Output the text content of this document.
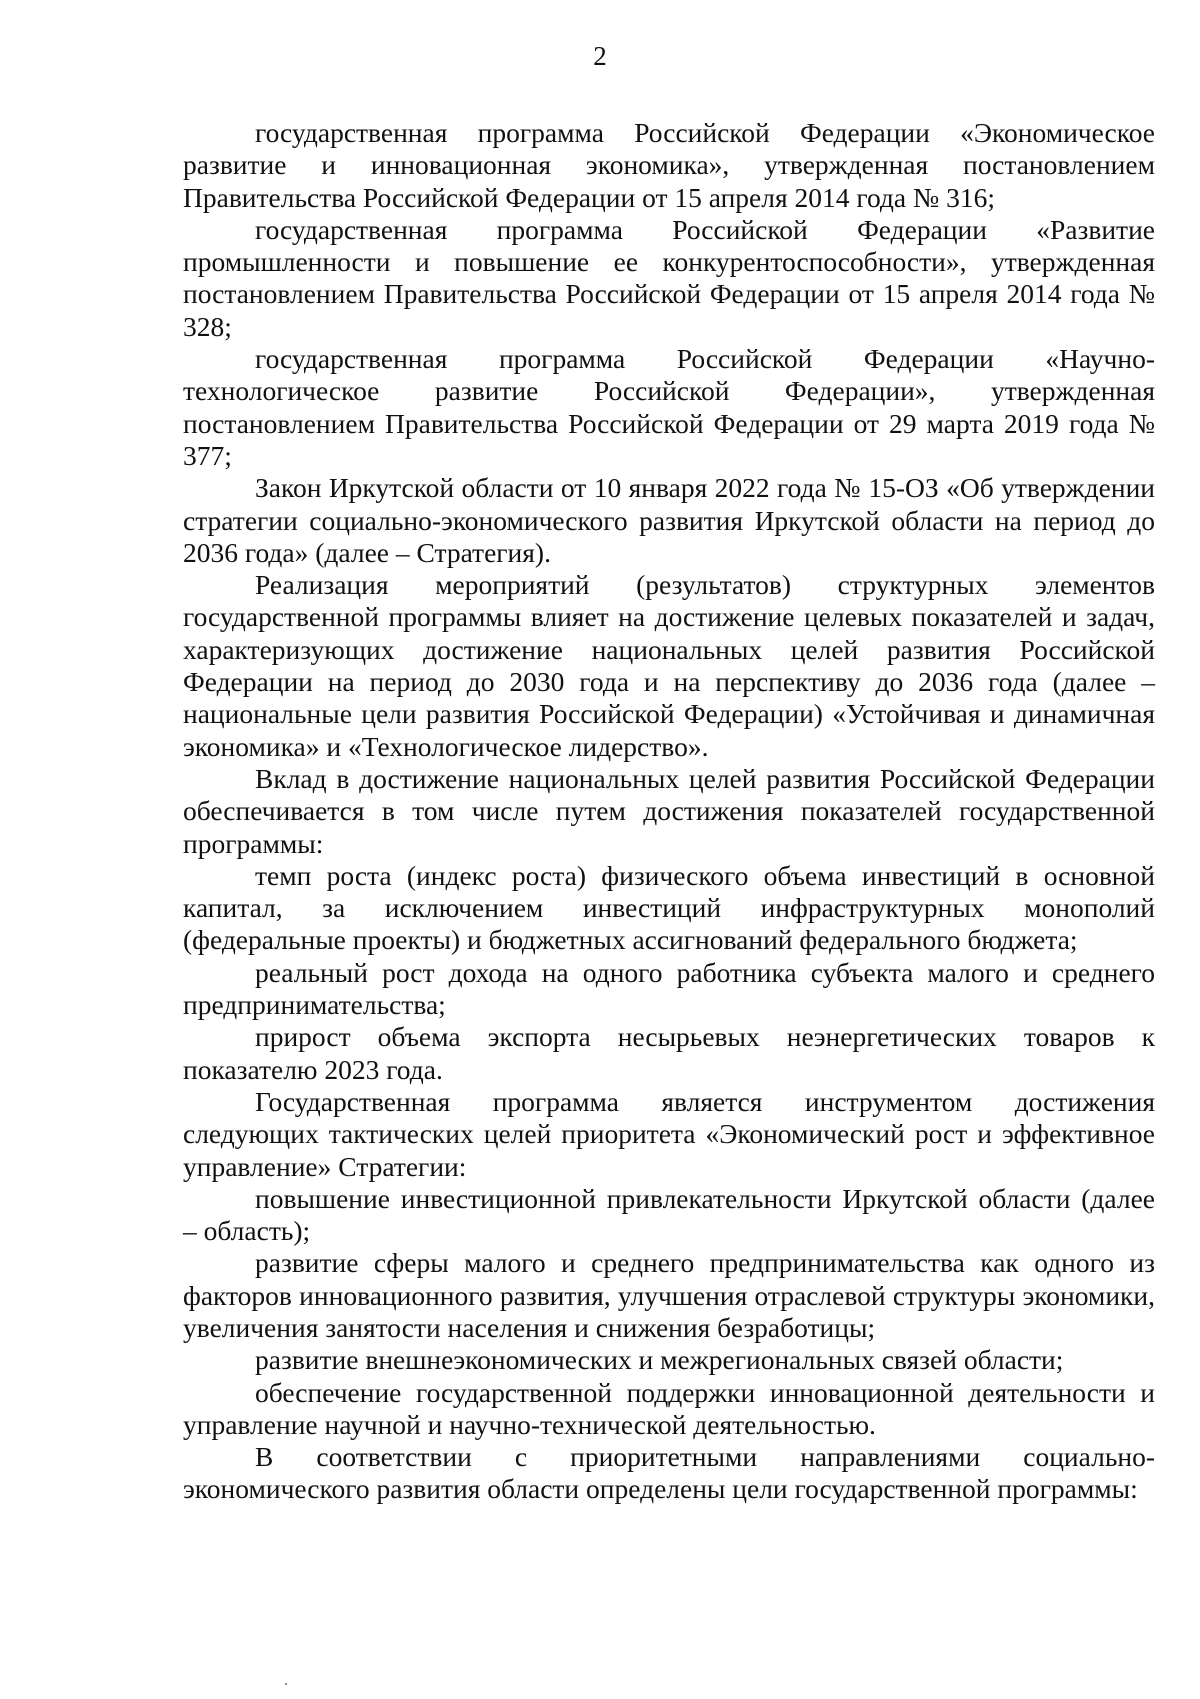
2

государственная программа Российской Федерации «Экономическое развитие и инновационная экономика», утвержденная постановлением Правительства Российской Федерации от 15 апреля 2014 года № 316;

государственная программа Российской Федерации «Развитие промышленности и повышение ее конкурентоспособности», утвержденная постановлением Правительства Российской Федерации от 15 апреля 2014 года № 328;

государственная программа Российской Федерации «Научно-технологическое развитие Российской Федерации», утвержденная постановлением Правительства Российской Федерации от 29 марта 2019 года № 377;

Закон Иркутской области от 10 января 2022 года № 15-ОЗ «Об утверждении стратегии социально-экономического развития Иркутской области на период до 2036 года» (далее – Стратегия).

Реализация мероприятий (результатов) структурных элементов государственной программы влияет на достижение целевых показателей и задач, характеризующих достижение национальных целей развития Российской Федерации на период до 2030 года и на перспективу до 2036 года (далее – национальные цели развития Российской Федерации) «Устойчивая и динамичная экономика» и «Технологическое лидерство».

Вклад в достижение национальных целей развития Российской Федерации обеспечивается в том числе путем достижения показателей государственной программы:

темп роста (индекс роста) физического объема инвестиций в основной капитал, за исключением инвестиций инфраструктурных монополий (федеральные проекты) и бюджетных ассигнований федерального бюджета;

реальный рост дохода на одного работника субъекта малого и среднего предпринимательства;

прирост объема экспорта несырьевых неэнергетических товаров к показателю 2023 года.

Государственная программа является инструментом достижения следующих тактических целей приоритета «Экономический рост и эффективное управление» Стратегии:

повышение инвестиционной привлекательности Иркутской области (далее – область);

развитие сферы малого и среднего предпринимательства как одного из факторов инновационного развития, улучшения отраслевой структуры экономики, увеличения занятости населения и снижения безработицы;

развитие внешнеэкономических и межрегиональных связей области;

обеспечение государственной поддержки инновационной деятельности и управление научной и научно-технической деятельностью.

В соответствии с приоритетными направлениями социально-экономического развития области определены цели государственной программы:
